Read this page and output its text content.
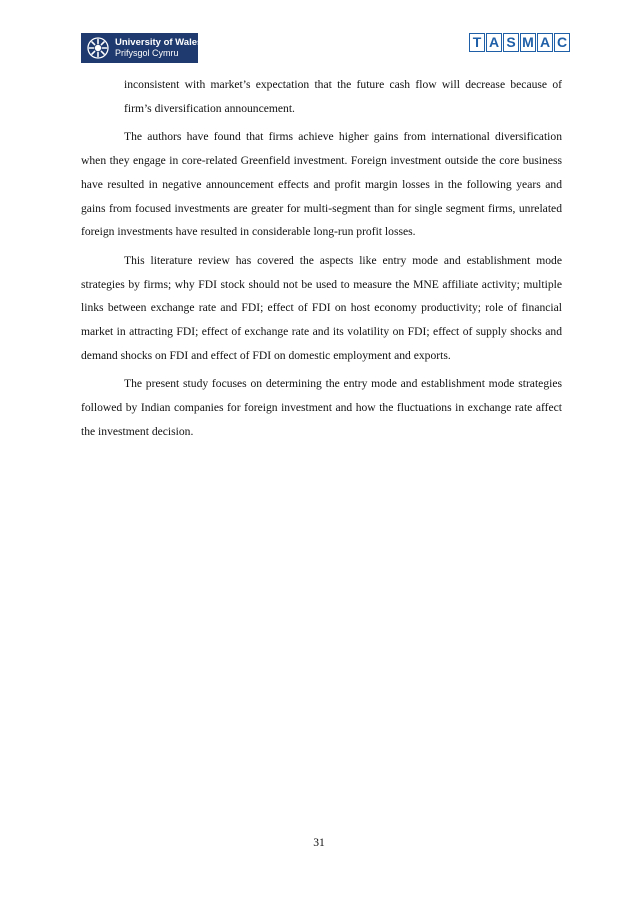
University of Wales
Prifysgol Cymru
T A S M A C

inconsistent with market’s expectation that the future cash flow will decrease because of firm’s diversification announcement.

The authors have found that firms achieve higher gains from international diversification when they engage in core-related Greenfield investment. Foreign investment outside the core business have resulted in negative announcement effects and profit margin losses in the following years and gains from focused investments are greater for multi-segment than for single segment firms, unrelated foreign investments have resulted in considerable long-run profit losses.

This literature review has covered the aspects like entry mode and establishment mode strategies by firms; why FDI stock should not be used to measure the MNE affiliate activity; multiple links between exchange rate and FDI; effect of FDI on host economy productivity; role of financial market in attracting FDI; effect of exchange rate and its volatility on FDI; effect of supply shocks and demand shocks on FDI and effect of FDI on domestic employment and exports.

The present study focuses on determining the entry mode and establishment mode strategies followed by Indian companies for foreign investment and how the fluctuations in exchange rate affect the investment decision.

31
